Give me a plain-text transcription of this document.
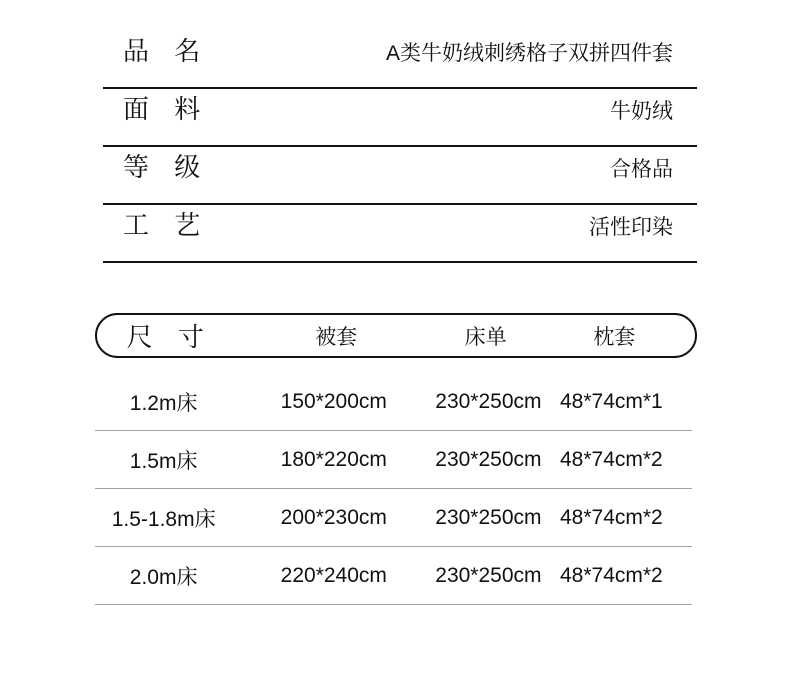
品 名	A类牛奶绒刺绣格子双拼四件套
面 料	牛奶绒
等 级	合格品
工 艺	活性印染
尺 寸	被套	床单	枕套
1.2m床	150*200cm	230*250cm 48*74cm*1
1.5m床	180*220cm	230*250cm 48*74cm*2
1.5-1.8m床	200*230cm	230*250cm 48*74cm*2
2.0m床	220*240cm	230*250cm 48*74cm*2
